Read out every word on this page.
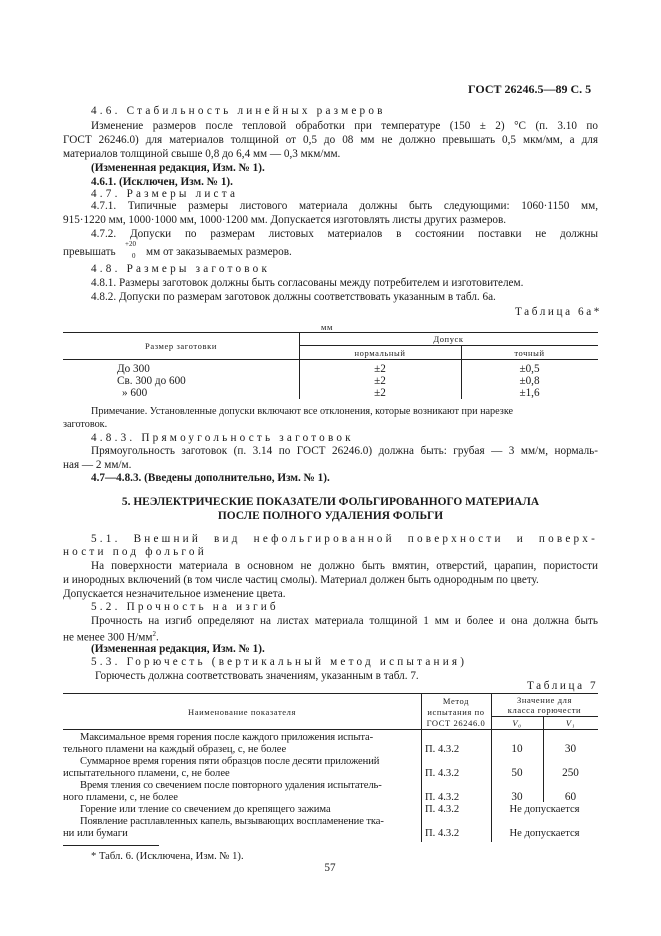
ГОСТ 26246.5—89 С. 5
4.6. Стабильность линейных размеров
Изменение размеров после тепловой обработки при температуре (150 ± 2) °С (п. 3.10 по
ГОСТ 26246.0) для материалов толщиной от 0,5 до 08 мм не должно превышать 0,5 мкм/мм, а для
материалов толщиной свыше 0,8 до 6,4 мм — 0,3 мкм/мм.
(Измененная редакция, Изм. № 1).
4.6.1. (Исключен, Изм. № 1).
4.7. Размеры листа
4.7.1. Типичные размеры листового материала должны быть следующими: 1060·1150 мм,
915·1220 мм, 1000·1000 мм, 1000·1200 мм. Допускается изготовлять листы других размеров.
4.7.2. Допуски по размерам листовых материалов в состоянии поставки не должны
превышать
+20
0 мм от заказываемых размеров.
4.8. Размеры заготовок
4.8.1. Размеры заготовок должны быть согласованы между потребителем и изготовителем.
4.8.2. Допуски по размерам заготовок должны соответствовать указанным в табл. 6а.
Таблица 6а*
мм
Размер заготовки
Допуск
нормальный	точный
До 300	±2	±0,5
Св. 300 до 600	±2	±0,8
» 600	±2	±1,6
Примечание. Установленные допуски включают все отклонения, которые возникают при нарезке
заготовок.
4.8.3. Прямоугольность заготовок
Прямоугольность заготовок (п. 3.14 по ГОСТ 26246.0) должна быть: грубая — 3 мм/м, нормаль-
ная — 2 мм/м.
4.7—4.8.3. (Введены дополнительно, Изм. № 1).
5. НЕЭЛЕКТРИЧЕСКИЕ ПОКАЗАТЕЛИ ФОЛЬГИРОВАННОГО МАТЕРИАЛА
ПОСЛЕ ПОЛНОГО УДАЛЕНИЯ ФОЛЬГИ
5.1. Внешний вид нефольгированной поверхности и поверх-
ности под фольгой
На поверхности материала в основном не должно быть вмятин, отверстий, царапин, пористости
и инородных включений (в том числе частиц смолы). Материал должен быть однородным по цвету.
Допускается незначительное изменение цвета.
5.2. Прочность на изгиб
Прочность на изгиб определяют на листах материала толщиной 1 мм и более и она должна быть
не менее 300 $Н/мм^2$.
(Измененная редакция, Изм. № 1).
5.3. Горючесть (вертикальный метод испытания)
Горючесть должна соответствовать значениям, указанным в табл. 7.
Таблица 7
Наименование показателя
Метод
испытания по
ГОСТ 26246.0
Значение для
класса горючести
V₀	V₁
Максимальное время горения после каждого приложения испыта-
тельного пламени на каждый образец, с, не более	П. 4.3.2	10	30
Суммарное время горения пяти образцов после десяти приложений
испытательного пламени, с, не более	П. 4.3.2	50	250
Время тления со свечением после повторного удаления испытатель-
ного пламени, с, не более	П. 4.3.2	30	60
Горение или тление со свечением до крепящего зажима	П. 4.3.2	Не допускается
Появление расплавленных капель, вызывающих воспламенение тка-
ни или бумаги	П. 4.3.2	Не допускается
* Табл. 6. (Исключена, Изм. № 1).
57
